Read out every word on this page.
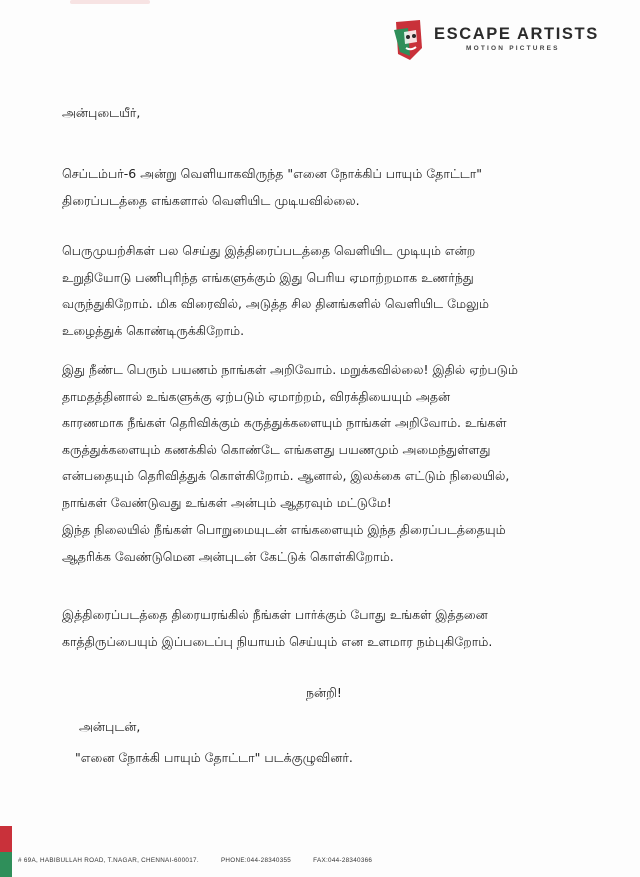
ESCAPE ARTISTS
MOTION PICTURES
அன்புடையீர்,
செப்டம்பர்-6 அன்று வெளியாகவிருந்த "எனை நோக்கிப் பாயும் தோட்டா"
திரைப்படத்தை எங்களால் வெளியிட முடியவில்லை.
பெருமுயற்சிகள் பல செய்து இத்திரைப்படத்தை வெளியிட முடியும் என்ற
உறுதியோடு பணிபுரிந்த எங்களுக்கும் இது பெரிய ஏமாற்றமாக உணர்ந்து
வருந்துகிறோம். மிக விரைவில், அடுத்த சில தினங்களில் வெளியிட மேலும்
உழைத்துக் கொண்டிருக்கிறோம்.
இது நீண்ட பெரும் பயணம் நாங்கள் அறிவோம். மறுக்கவில்லை! இதில் ஏற்படும்
தாமதத்தினால் உங்களுக்கு ஏற்படும் ஏமாற்றம், விரக்தியையும் அதன்
காரணமாக நீங்கள் தெரிவிக்கும் கருத்துக்களையும் நாங்கள் அறிவோம். உங்கள்
கருத்துக்களையும் கணக்கில் கொண்டே எங்களது பயணமும் அமைந்துள்ளது
என்பதையும் தெரிவித்துக் கொள்கிறோம். ஆனால், இலக்கை எட்டும் நிலையில்,
நாங்கள் வேண்டுவது உங்கள் அன்பும் ஆதரவும் மட்டுமே!
இந்த நிலையில் நீங்கள் பொறுமையுடன் எங்களையும் இந்த திரைப்படத்தையும்
ஆதரிக்க வேண்டுமென அன்புடன் கேட்டுக் கொள்கிறோம்.
இத்திரைப்படத்தை திரையரங்கில் நீங்கள் பார்க்கும் போது உங்கள் இத்தனை
காத்திருப்பையும் இப்படைப்பு நியாயம் செய்யும் என உளமார நம்புகிறோம்.
நன்றி!
அன்புடன்,
"எனை நோக்கி பாயும் தோட்டா" படக்குழுவினர்.
# 69A, HABIBULLAH ROAD, T.NAGAR, CHENNAI-600017.	PHONE:044-28340355	FAX:044-28340366
